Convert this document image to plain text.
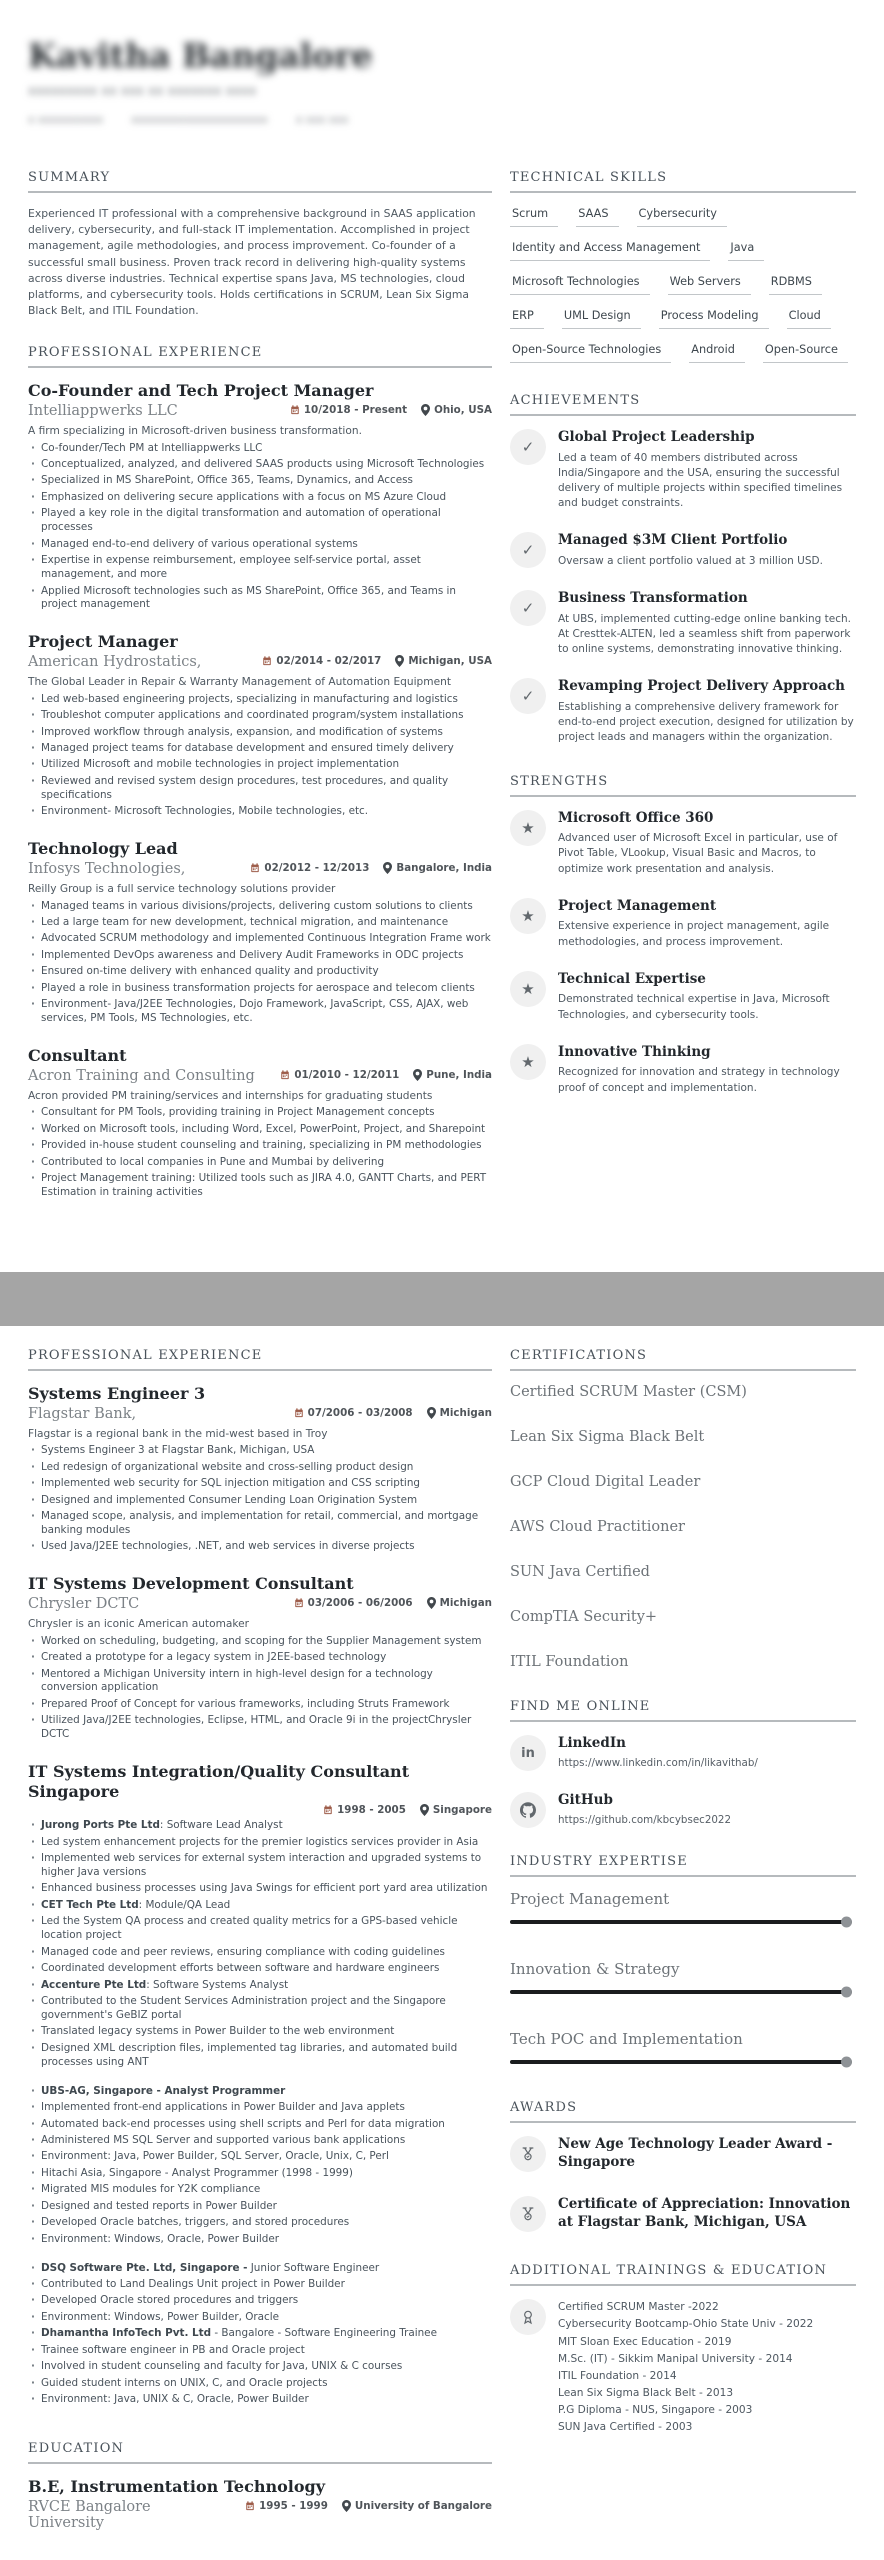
Kavitha Bangalore
xxxxxxxxx xx xxx xx xxxxxxx xxxx
x xxxxxxxxxx	xxxxxxxxxxxxxxxxxxxxx	x xxx xxx
SUMMARY

Experienced IT professional with a comprehensive background in SAAS application delivery, cybersecurity, and full-stack IT implementation. Accomplished in project management, agile methodologies, and process improvement. Co-founder of a successful small business. Proven track record in delivering high-quality systems across diverse industries. Technical expertise spans Java, MS technologies, cloud platforms, and cybersecurity tools. Holds certifications in SCRUM, Lean Six Sigma Black Belt, and ITIL Foundation.

PROFESSIONAL EXPERIENCE
Co-Founder and Tech Project Manager
Intelliappwerks LLC	10/2018 - Present	Ohio, USA

A firm specializing in Microsoft-driven business transformation.

· Co-founder/Tech PM at Intelliappwerks LLC
· Conceptualized, analyzed, and delivered SAAS products using Microsoft Technologies
· Specialized in MS SharePoint, Office 365, Teams, Dynamics, and Access
· Emphasized on delivering secure applications with a focus on MS Azure Cloud
· Played a key role in the digital transformation and automation of operational processes
· Managed end-to-end delivery of various operational systems
· Expertise in expense reimbursement, employee self-service portal, asset management, and more
· Applied Microsoft technologies such as MS SharePoint, Office 365, and Teams in project management
Project Manager
American Hydrostatics,	02/2014 - 02/2017	Michigan, USA

The Global Leader in Repair & Warranty Management of Automation Equipment

· Led web-based engineering projects, specializing in manufacturing and logistics
· Troubleshot computer applications and coordinated program/system installations
· Improved workflow through analysis, expansion, and modification of systems
· Managed project teams for database development and ensured timely delivery
· Utilized Microsoft and mobile technologies in project implementation
· Reviewed and revised system design procedures, test procedures, and quality specifications
· Environment- Microsoft Technologies, Mobile technologies, etc.
Technology Lead
Infosys Technologies,	02/2012 - 12/2013	Bangalore, India

Reilly Group is a full service technology solutions provider

· Managed teams in various divisions/projects, delivering custom solutions to clients
· Led a large team for new development, technical migration, and maintenance
· Advocated SCRUM methodology and implemented Continuous Integration Frame work
· Implemented DevOps awareness and Delivery Audit Frameworks in ODC projects
· Ensured on-time delivery with enhanced quality and productivity
· Played a role in business transformation projects for aerospace and telecom clients
· Environment- Java/J2EE Technologies, Dojo Framework, JavaScript, CSS, AJAX, web services, PM Tools, MS Technologies, etc.
Consultant
Acron Training and Consulting	01/2010 - 12/2011	Pune, India

Acron provided PM training/services and internships for graduating students

· Consultant for PM Tools, providing training in Project Management concepts
· Worked on Microsoft tools, including Word, Excel, PowerPoint, Project, and Sharepoint
· Provided in-house student counseling and training, specializing in PM methodologies
· Contributed to local companies in Pune and Mumbai by delivering
· Project Management training: Utilized tools such as JIRA 4.0, GANTT Charts, and PERT Estimation in training activities
TECHNICAL SKILLS
Scrum	SAAS	Cybersecurity
Identity and Access Management	Java
Microsoft Technologies	Web Servers	RDBMS
ERP	UML Design	Process Modeling	Cloud
Open-Source Technologies	Android	Open-Source
ACHIEVEMENTS
✓
Global Project Leadership

Led a team of 40 members distributed across India/Singapore and the USA, ensuring the successful delivery of multiple projects within specified timelines and budget constraints.

✓
Managed $3M Client Portfolio

Oversaw a client portfolio valued at 3 million USD.

✓
Business Transformation

At UBS, implemented cutting-edge online banking tech. At Cresttek-ALTEN, led a seamless shift from paperwork to online systems, demonstrating innovative thinking.

✓
Revamping Project Delivery Approach

Establishing a comprehensive delivery framework for end-to-end project execution, designed for utilization by project leads and managers within the organization.

STRENGTHS
★
Microsoft Office 360

Advanced user of Microsoft Excel in particular, use of Pivot Table, VLookup, Visual Basic and Macros, to optimize work presentation and analysis.

★
Project Management

Extensive experience in project management, agile methodologies, and process improvement.

★
Technical Expertise

Demonstrated technical expertise in Java, Microsoft Technologies, and cybersecurity tools.

★
Innovative Thinking

Recognized for innovation and strategy in technology proof of concept and implementation.

PROFESSIONAL EXPERIENCE
Systems Engineer 3
Flagstar Bank,	07/2006 - 03/2008	Michigan

Flagstar is a regional bank in the mid-west based in Troy

· Systems Engineer 3 at Flagstar Bank, Michigan, USA
· Led redesign of organizational website and cross-selling product design
· Implemented web security for SQL injection mitigation and CSS scripting
· Designed and implemented Consumer Lending Loan Origination System
· Managed scope, analysis, and implementation for retail, commercial, and mortgage banking modules
· Used Java/J2EE technologies, .NET, and web services in diverse projects
IT Systems Development Consultant
Chrysler DCTC	03/2006 - 06/2006	Michigan

Chrysler is an iconic American automaker

· Worked on scheduling, budgeting, and scoping for the Supplier Management system
· Created a prototype for a legacy system in J2EE-based technology
· Mentored a Michigan University intern in high-level design for a technology conversion application
· Prepared Proof of Concept for various frameworks, including Struts Framework
· Utilized Java/J2EE technologies, Eclipse, HTML, and Oracle 9i in the projectChrysler DCTC
IT Systems Integration/Quality Consultant Singapore
1998 - 2005	Singapore
· Jurong Ports Pte Ltd: Software Lead Analyst
· Led system enhancement projects for the premier logistics services provider in Asia
· Implemented web services for external system interaction and upgraded systems to higher Java versions
· Enhanced business processes using Java Swings for efficient port yard area utilization
· CET Tech Pte Ltd: Module/QA Lead
· Led the System QA process and created quality metrics for a GPS-based vehicle location project
· Managed code and peer reviews, ensuring compliance with coding guidelines
· Coordinated development efforts between software and hardware engineers
· Accenture Pte Ltd: Software Systems Analyst
· Contributed to the Student Services Administration project and the Singapore government's GeBIZ portal
· Translated legacy systems in Power Builder to the web environment
· Designed XML description files, implemented tag libraries, and automated build processes using ANT
· UBS-AG, Singapore - Analyst Programmer
· Implemented front-end applications in Power Builder and Java applets
· Automated back-end processes using shell scripts and Perl for data migration
· Administered MS SQL Server and supported various bank applications
· Environment: Java, Power Builder, SQL Server, Oracle, Unix, C, Perl
· Hitachi Asia, Singapore - Analyst Programmer (1998 - 1999)
· Migrated MIS modules for Y2K compliance
· Designed and tested reports in Power Builder
· Developed Oracle batches, triggers, and stored procedures
· Environment: Windows, Oracle, Power Builder
· DSQ Software Pte. Ltd, Singapore - Junior Software Engineer
· Contributed to Land Dealings Unit project in Power Builder
· Developed Oracle stored procedures and triggers
· Environment: Windows, Power Builder, Oracle
· Dhamantha InfoTech Pvt. Ltd - Bangalore - Software Engineering Trainee
· Trainee software engineer in PB and Oracle project
· Involved in student counseling and faculty for Java, UNIX & C courses
· Guided student interns on UNIX, C, and Oracle projects
· Environment: Java, UNIX & C, Oracle, Power Builder
EDUCATION
B.E, Instrumentation Technology
RVCE Bangalore University
1995 - 1999	University of Bangalore
CERTIFICATIONS
Certified SCRUM Master (CSM)
Lean Six Sigma Black Belt
GCP Cloud Digital Leader
AWS Cloud Practitioner
SUN Java Certified
CompTIA Security+
ITIL Foundation
FIND ME ONLINE
in
LinkedIn
https://www.linkedin.com/in/likavithab/
GitHub
https://github.com/kbcybsec2022
INDUSTRY EXPERTISE
Project Management
Innovation & Strategy
Tech POC and Implementation
AWARDS
New Age Technology Leader Award - Singapore
Certificate of Appreciation: Innovation at Flagstar Bank, Michigan, USA
ADDITIONAL TRAININGS & EDUCATION
Certified SCRUM Master -2022
Cybersecurity Bootcamp-Ohio State Univ - 2022
MIT Sloan Exec Education - 2019
M.Sc. (IT) - Sikkim Manipal University - 2014
ITIL Foundation - 2014
Lean Six Sigma Black Belt - 2013
P.G Diploma - NUS, Singapore - 2003
SUN Java Certified - 2003
